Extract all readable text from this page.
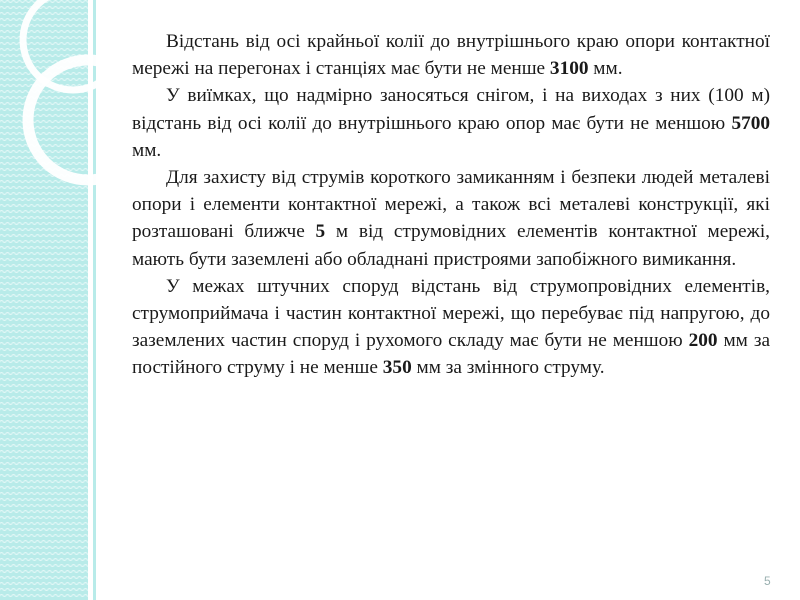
Відстань від осі крайньої колії до внутрішнього краю опори контактної мережі на перегонах і станціях має бути не менше 3100 мм.

У виїмках, що надмірно заносяться снігом, і на виходах з них (100 м) відстань від осі колії до внутрішнього краю опор має бути не меншою 5700 мм.

Для захисту від струмів короткого замиканням і безпеки людей металеві опори і елементи контактної мережі, а також всі металеві конструкції, які розташовані ближче 5 м від струмовідних елементів контактної мережі, мають бути заземлені або обладнані пристроями запобіжного вимикання.

У межах штучних споруд відстань від струмопровідних елементів, струмоприймача і частин контактної мережі, що перебуває під напругою, до заземлених частин споруд і рухомого складу має бути не меншою 200 мм за постійного струму і не менше 350 мм за змінного струму.

5
